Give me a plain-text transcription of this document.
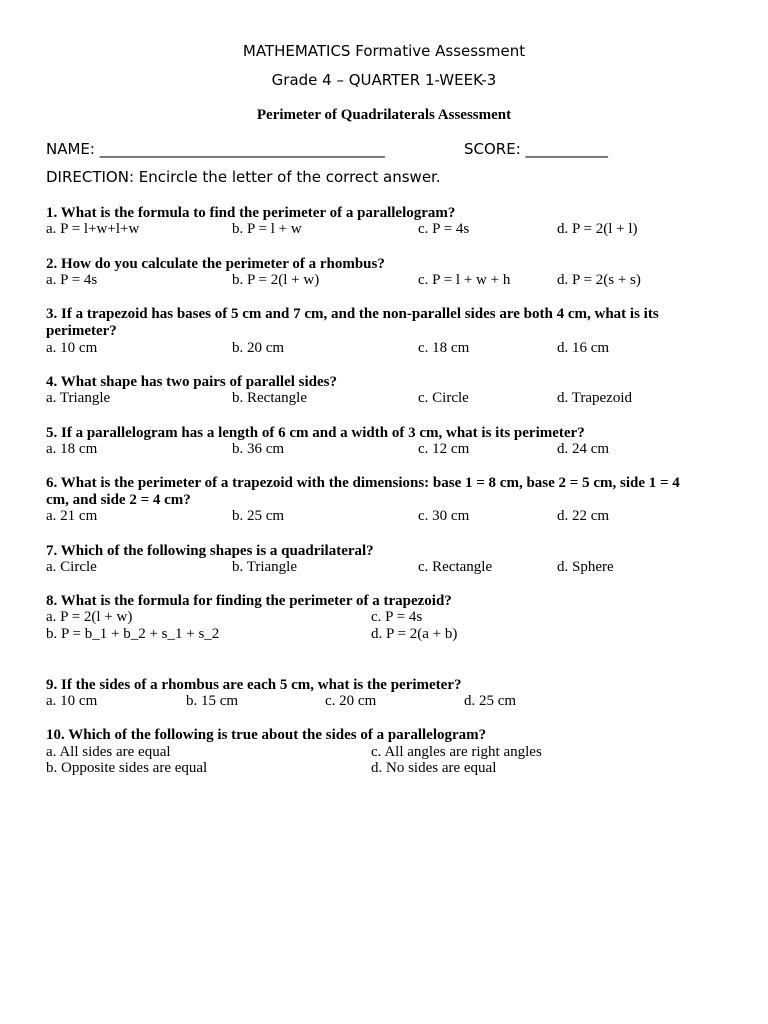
MATHEMATICS Formative Assessment
Grade 4 – QUARTER 1-WEEK-3
Perimeter of Quadrilaterals Assessment
NAME: ______________________________________	SCORE: ___________
DIRECTION: Encircle the letter of the correct answer.
1. What is the formula to find the perimeter of a parallelogram?
a. P = l+w+l+w	b. P = l + w	c. P = 4s	d. P = 2(l + l)
2. How do you calculate the perimeter of a rhombus?
a. P = 4s	b. P = 2(l + w)	c. P = l + w + h	d. P = 2(s + s)
3. If a trapezoid has bases of 5 cm and 7 cm, and the non-parallel sides are both 4 cm, what is its
perimeter?
a. 10 cm	b. 20 cm	c. 18 cm	d. 16 cm
4. What shape has two pairs of parallel sides?
a. Triangle	b. Rectangle	c. Circle	d. Trapezoid
5. If a parallelogram has a length of 6 cm and a width of 3 cm, what is its perimeter?
a. 18 cm	b. 36 cm	c. 12 cm	d. 24 cm
6. What is the perimeter of a trapezoid with the dimensions: base 1 = 8 cm, base 2 = 5 cm, side 1 = 4
cm, and side 2 = 4 cm?
a. 21 cm	b. 25 cm	c. 30 cm	d. 22 cm
7. Which of the following shapes is a quadrilateral?
a. Circle	b. Triangle	c. Rectangle	d. Sphere
8. What is the formula for finding the perimeter of a trapezoid?
a. P = 2(l + w)	c. P = 4s
b. P = b_1 + b_2 + s_1 + s_2	d. P = 2(a + b)
9. If the sides of a rhombus are each 5 cm, what is the perimeter?
a. 10 cm	b. 15 cm	c. 20 cm	d. 25 cm
10. Which of the following is true about the sides of a parallelogram?
a. All sides are equal	c. All angles are right angles
b. Opposite sides are equal	d. No sides are equal
